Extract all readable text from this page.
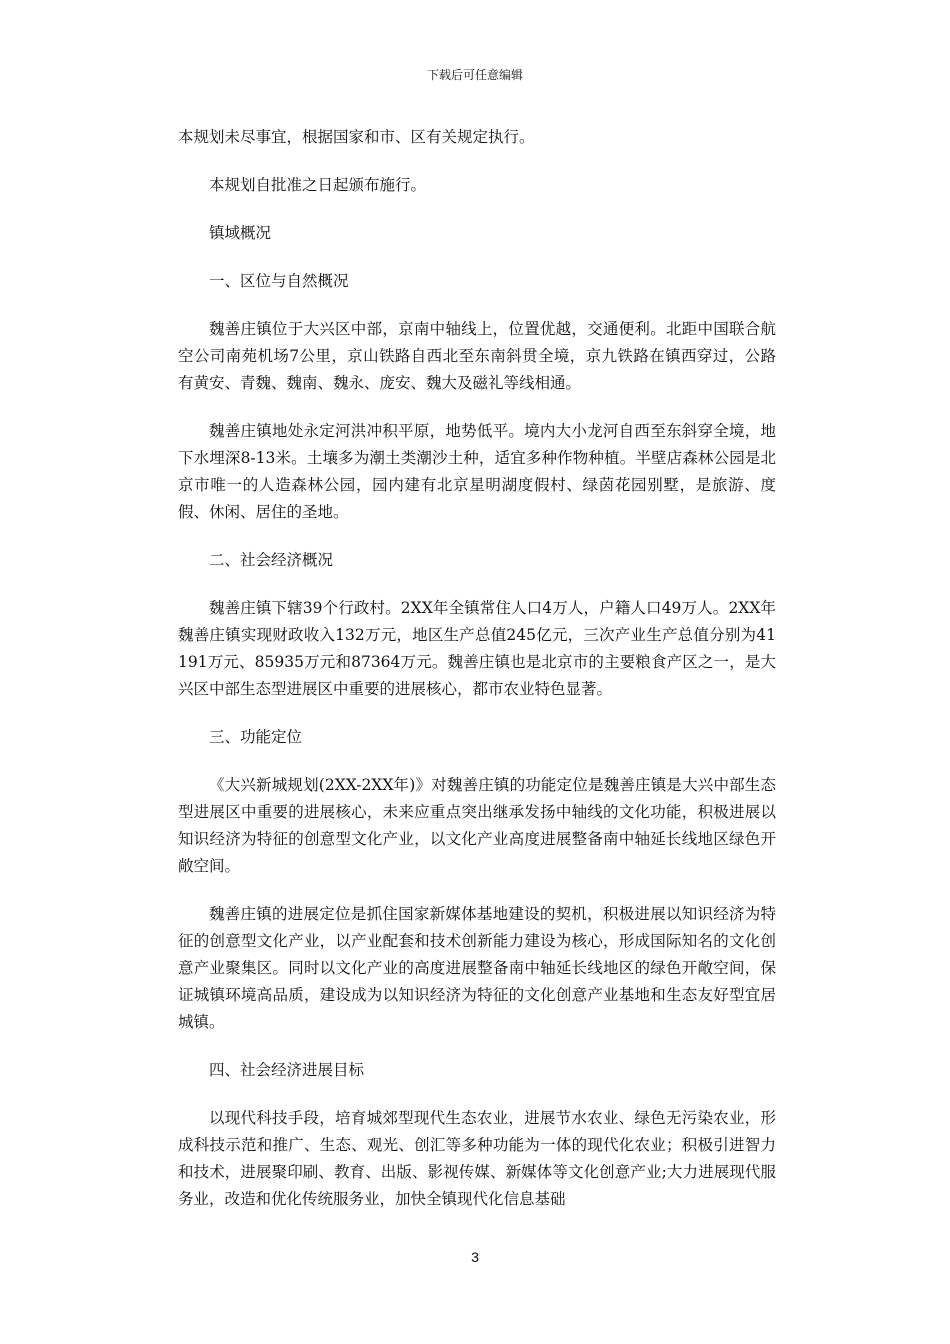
下载后可任意编辑

本规划未尽事宜，根据国家和市、区有关规定执行。

本规划自批准之日起颁布施行。

镇域概况

一、区位与自然概况

魏善庄镇位于大兴区中部，京南中轴线上，位置优越，交通便利。北距中国联合航空公司南苑机场7公里，京山铁路自西北至东南斜贯全境，京九铁路在镇西穿过，公路有黄安、青魏、魏南、魏永、庞安、魏大及磁礼等线相通。

魏善庄镇地处永定河洪冲积平原，地势低平。境内大小龙河自西至东斜穿全境，地下水埋深8-13米。土壤多为潮土类潮沙土种，适宜多种作物种植。半壁店森林公园是北京市唯一的人造森林公园，园内建有北京星明湖度假村、绿茵花园别墅，是旅游、度假、休闲、居住的圣地。

二、社会经济概况

魏善庄镇下辖39个行政村。2XX年全镇常住人口4万人，户籍人口49万人。2XX年魏善庄镇实现财政收入132万元，地区生产总值245亿元，三次产业生产总值分别为41191万元、85935万元和87364万元。魏善庄镇也是北京市的主要粮食产区之一，是大兴区中部生态型进展区中重要的进展核心，都市农业特色显著。

三、功能定位

《大兴新城规划(2XX-2XX年)》对魏善庄镇的功能定位是魏善庄镇是大兴中部生态型进展区中重要的进展核心，未来应重点突出继承发扬中轴线的文化功能，积极进展以知识经济为特征的创意型文化产业，以文化产业高度进展整备南中轴延长线地区绿色开敞空间。

魏善庄镇的进展定位是抓住国家新媒体基地建设的契机，积极进展以知识经济为特征的创意型文化产业，以产业配套和技术创新能力建设为核心，形成国际知名的文化创意产业聚集区。同时以文化产业的高度进展整备南中轴延长线地区的绿色开敞空间，保证城镇环境高品质，建设成为以知识经济为特征的文化创意产业基地和生态友好型宜居城镇。

四、社会经济进展目标

以现代科技手段，培育城郊型现代生态农业，进展节水农业、绿色无污染农业，形成科技示范和推广、生态、观光、创汇等多种功能为一体的现代化农业；积极引进智力和技术，进展聚印刷、教育、出版、影视传媒、新媒体等文化创意产业;大力进展现代服务业，改造和优化传统服务业，加快全镇现代化信息基础

3
